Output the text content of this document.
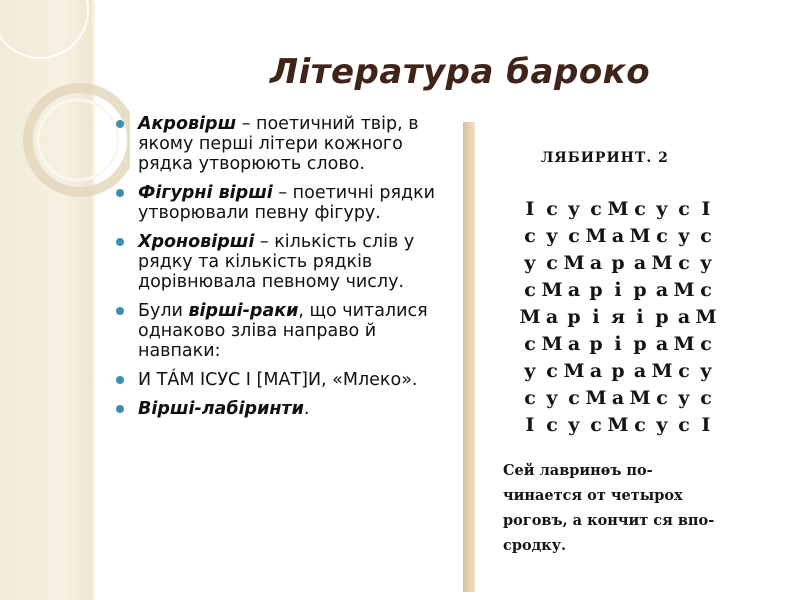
Література бароко
Акровірш – поетичний твір, в якому перші літери кожного рядка утворюють слово.
Фігурні вірші – поетичні рядки утворювали певну фігуру.
Хроновірші – кількість слів у рядку та кількість рядків дорівнювала певному числу.
Були вірші-раки, що читалися однаково зліва направо й навпаки:
И ТÁМ ІСУС І [МАТ]И, «Млеко».
Вірші-лабіринти.
ЛЯБИРИНТ. 2
І с у с М с у с І
с у с М а М с у с
у с М а р а М с у
с М а р і р а М с
М а р і я і р а М
с М а р і р а М с
у с М а р а М с у
с у с М а М с у с
І с у с М с у с І
Сей лавринѳъ по-
чинается от четырох
роговъ, а кончит ся впо-
сродку.
